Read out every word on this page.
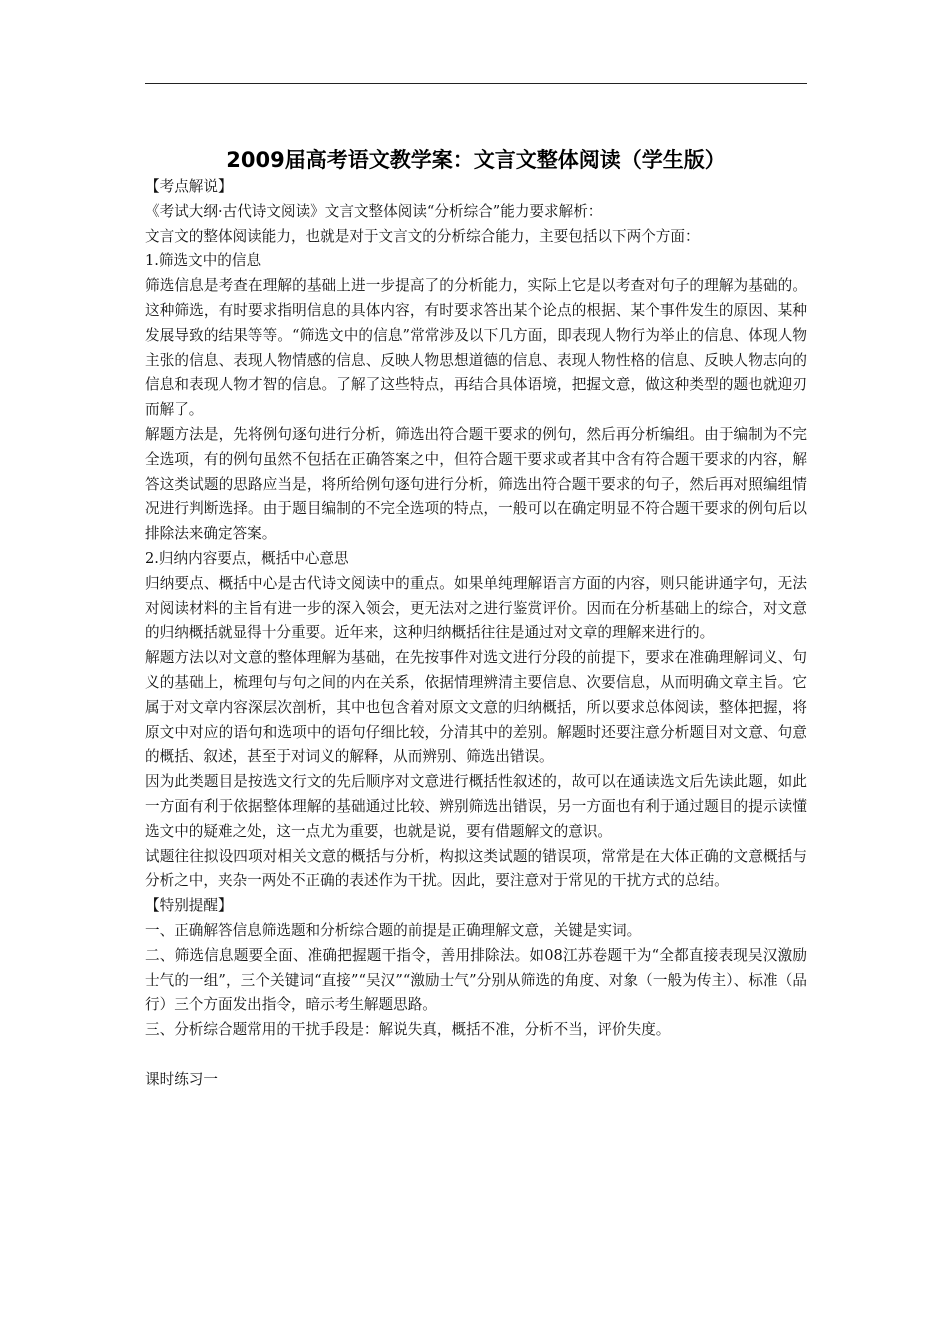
2009届高考语文教学案：文言文整体阅读（学生版）

【考点解说】

《考试大纲·古代诗文阅读》文言文整体阅读“分析综合”能力要求解析：

文言文的整体阅读能力，也就是对于文言文的分析综合能力，主要包括以下两个方面：

1.筛选文中的信息

筛选信息是考查在理解的基础上进一步提高了的分析能力，实际上它是以考查对句子的理解为基础的。这种筛选，有时要求指明信息的具体内容，有时要求答出某个论点的根据、某个事件发生的原因、某种发展导致的结果等等。“筛选文中的信息”常常涉及以下几方面，即表现人物行为举止的信息、体现人物主张的信息、表现人物情感的信息、反映人物思想道德的信息、表现人物性格的信息、反映人物志向的信息和表现人物才智的信息。了解了这些特点，再结合具体语境，把握文意，做这种类型的题也就迎刃而解了。

解题方法是，先将例句逐句进行分析，筛选出符合题干要求的例句，然后再分析编组。由于编制为不完全选项，有的例句虽然不包括在正确答案之中，但符合题干要求或者其中含有符合题干要求的内容，解答这类试题的思路应当是，将所给例句逐句进行分析，筛选出符合题干要求的句子，然后再对照编组情况进行判断选择。由于题目编制的不完全选项的特点，一般可以在确定明显不符合题干要求的例句后以排除法来确定答案。

2.归纳内容要点，概括中心意思

归纳要点、概括中心是古代诗文阅读中的重点。如果单纯理解语言方面的内容，则只能讲通字句，无法对阅读材料的主旨有进一步的深入领会，更无法对之进行鉴赏评价。因而在分析基础上的综合，对文意的归纳概括就显得十分重要。近年来，这种归纳概括往往是通过对文章的理解来进行的。

解题方法以对文意的整体理解为基础，在先按事件对选文进行分段的前提下，要求在准确理解词义、句义的基础上，梳理句与句之间的内在关系，依据情理辨清主要信息、次要信息，从而明确文章主旨。它属于对文章内容深层次剖析，其中也包含着对原文文意的归纳概括，所以要求总体阅读，整体把握，将原文中对应的语句和选项中的语句仔细比较，分清其中的差别。解题时还要注意分析题目对文意、句意的概括、叙述，甚至于对词义的解释，从而辨别、筛选出错误。

因为此类题目是按选文行文的先后顺序对文意进行概括性叙述的，故可以在通读选文后先读此题，如此一方面有利于依据整体理解的基础通过比较、辨别筛选出错误，另一方面也有利于通过题目的提示读懂选文中的疑难之处，这一点尤为重要，也就是说，要有借题解文的意识。

试题往往拟设四项对相关文意的概括与分析，构拟这类试题的错误项，常常是在大体正确的文意概括与分析之中，夹杂一两处不正确的表述作为干扰。因此，要注意对于常见的干扰方式的总结。

【特别提醒】

一、正确解答信息筛选题和分析综合题的前提是正确理解文意，关键是实词。

二、筛选信息题要全面、准确把握题干指令，善用排除法。如08江苏卷题干为“全都直接表现吴汉激励士气的一组”，三个关键词“直接”“吴汉”“激励士气”分别从筛选的角度、对象（一般为传主）、标准（品行）三个方面发出指令，暗示考生解题思路。

三、分析综合题常用的干扰手段是：解说失真，概括不准，分析不当，评价失度。

课时练习一
